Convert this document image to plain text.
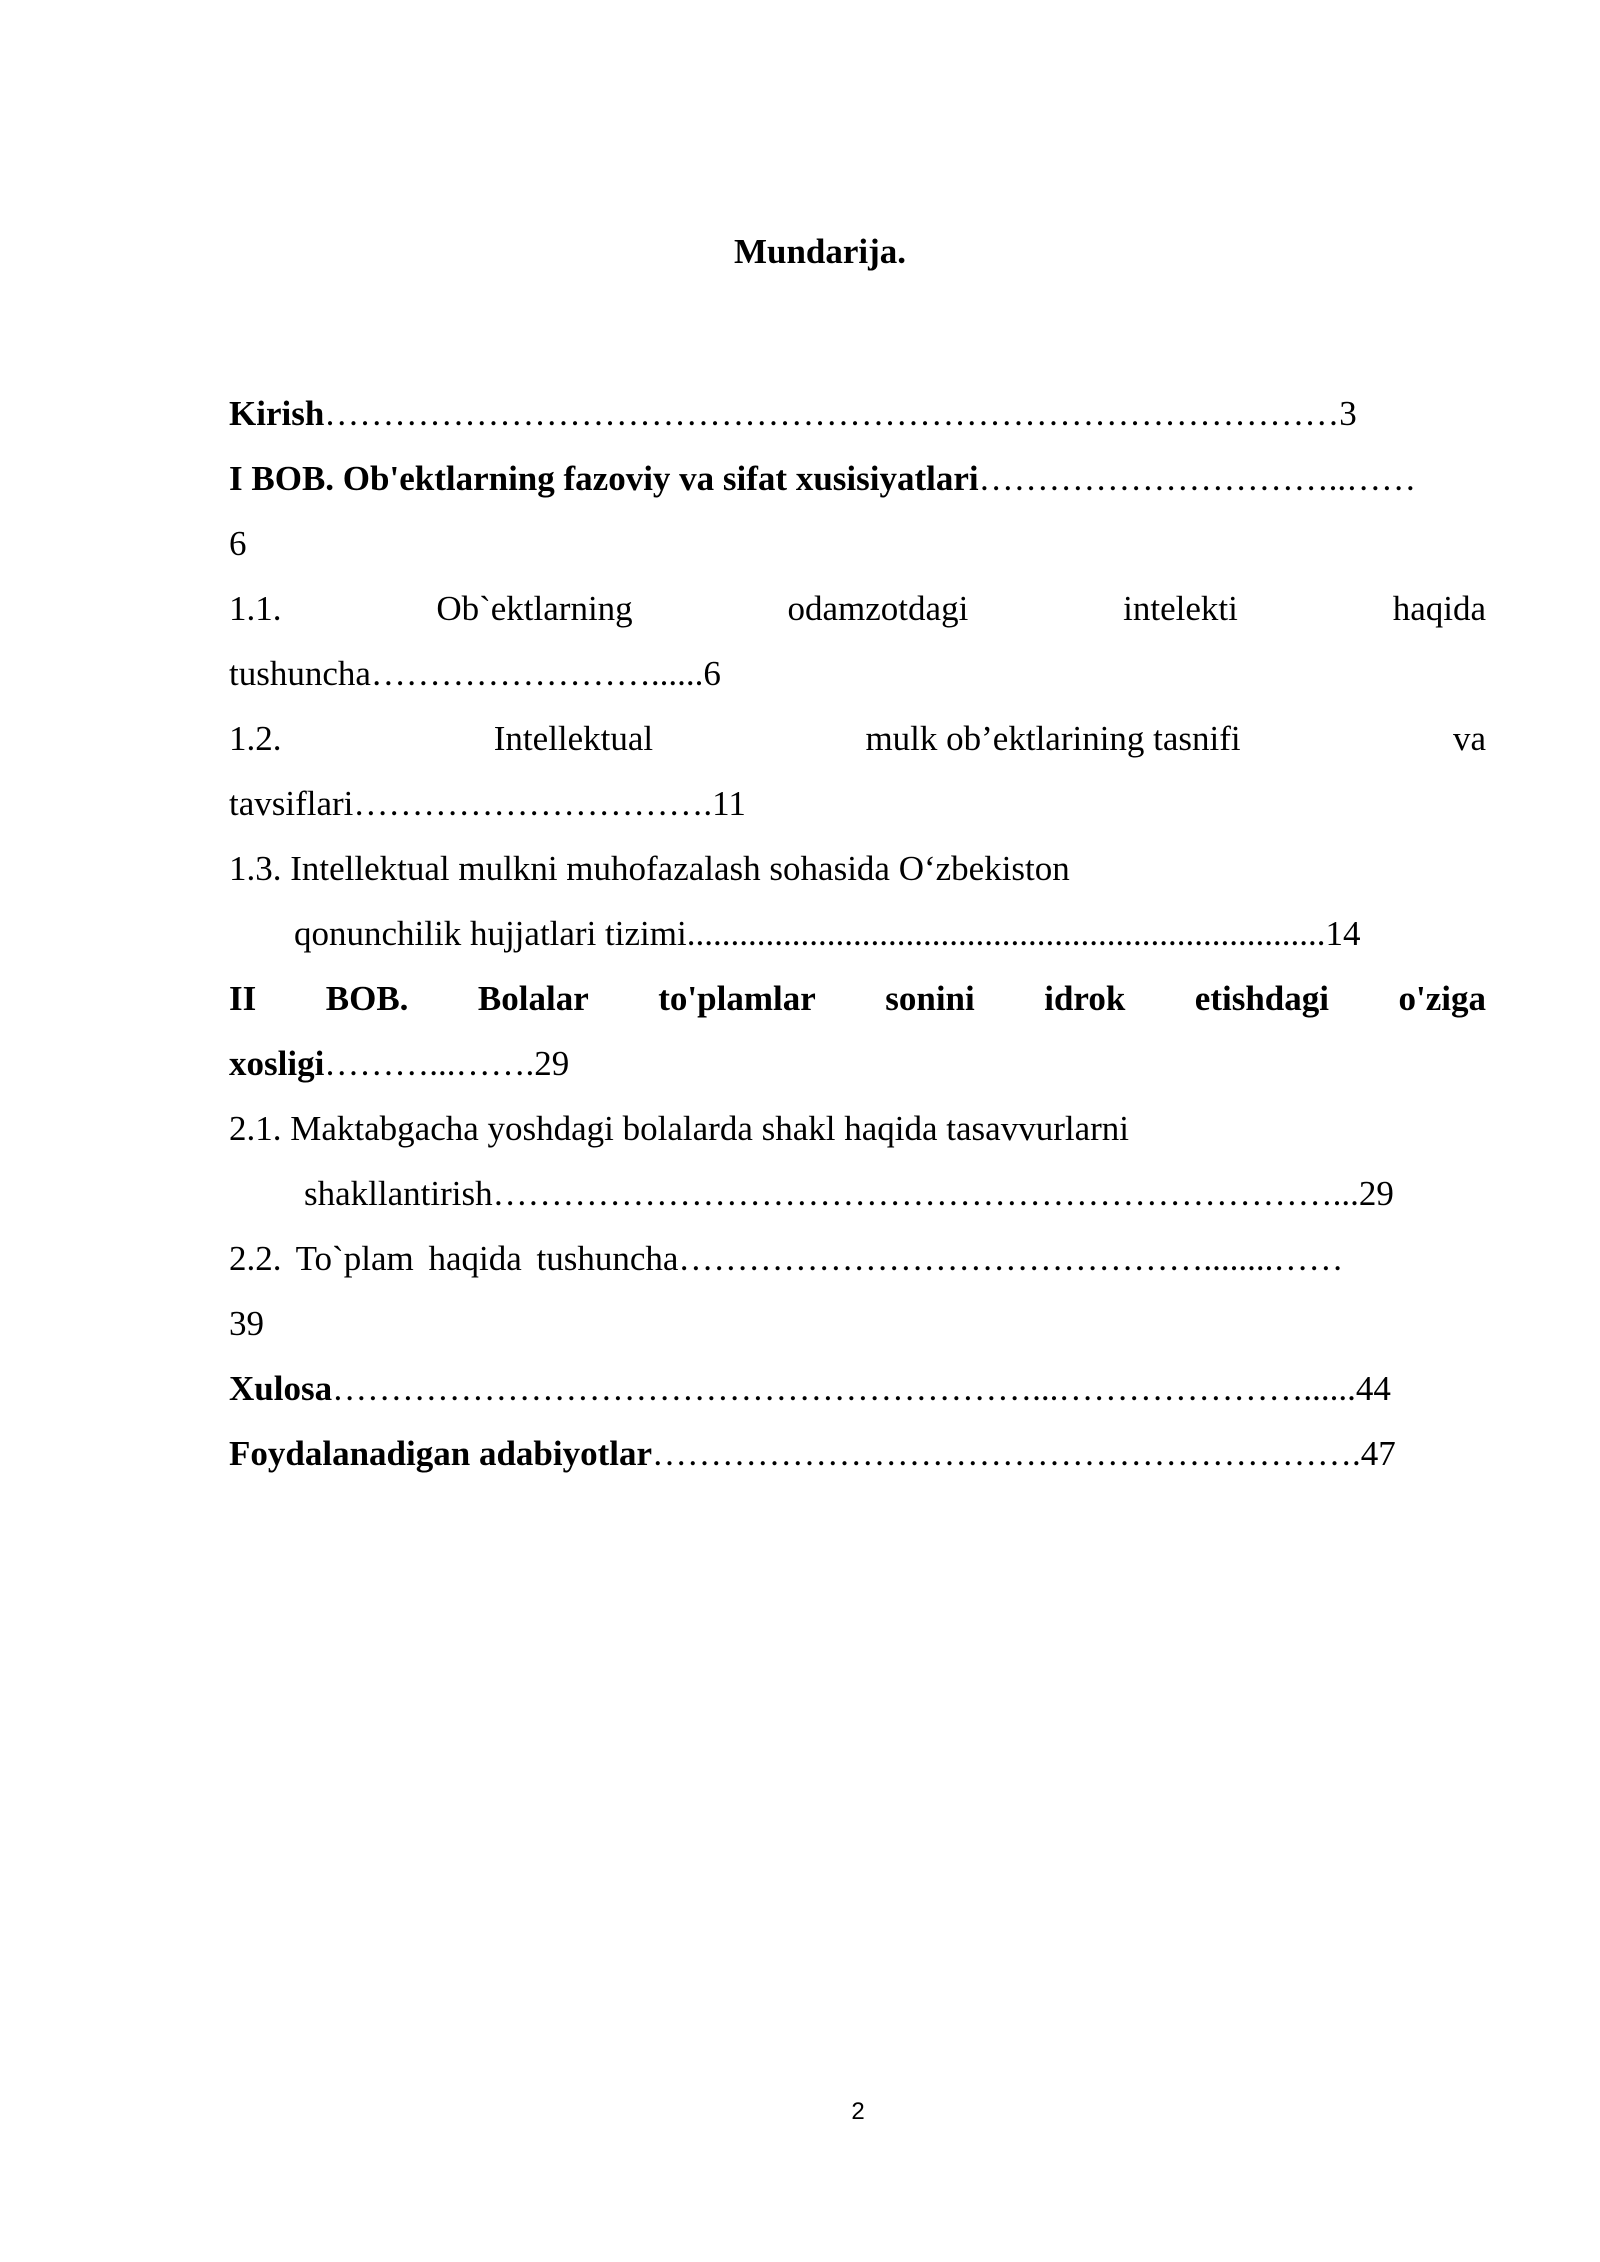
Mundarija.
Kirish……………………………………………………………………………3
I BOB. Ob'ektlarning fazoviy va sifat xusisiyatlari…………………………..……
6
1.1.	Ob`ektlarning	odamzotdagi	intelekti	haqida
tushuncha……………………......6
1.2.	Intellektual	mulk ob’ektlarining tasnifi	va
tavsiflari………………………….11
1.3. Intellektual mulkni muhofazalash sohasida O‘zbekiston
qonunchilik hujjatlari tizimi.........................................................................14
II BOB. Bolalar to'plamlar sonini idrok etishdagi o'ziga
xosligi………...…….29
2.1. Maktabgacha yoshdagi bolalarda shakl haqida tasavvurlarni
shakllantirish………………………………………………………………...29
2.2. To`plam haqida tushuncha………………………………………........……
39
Xulosa……………………………………………………...…………………......44
Foydalanadigan adabiyotlar…………………………………………………….47
2
